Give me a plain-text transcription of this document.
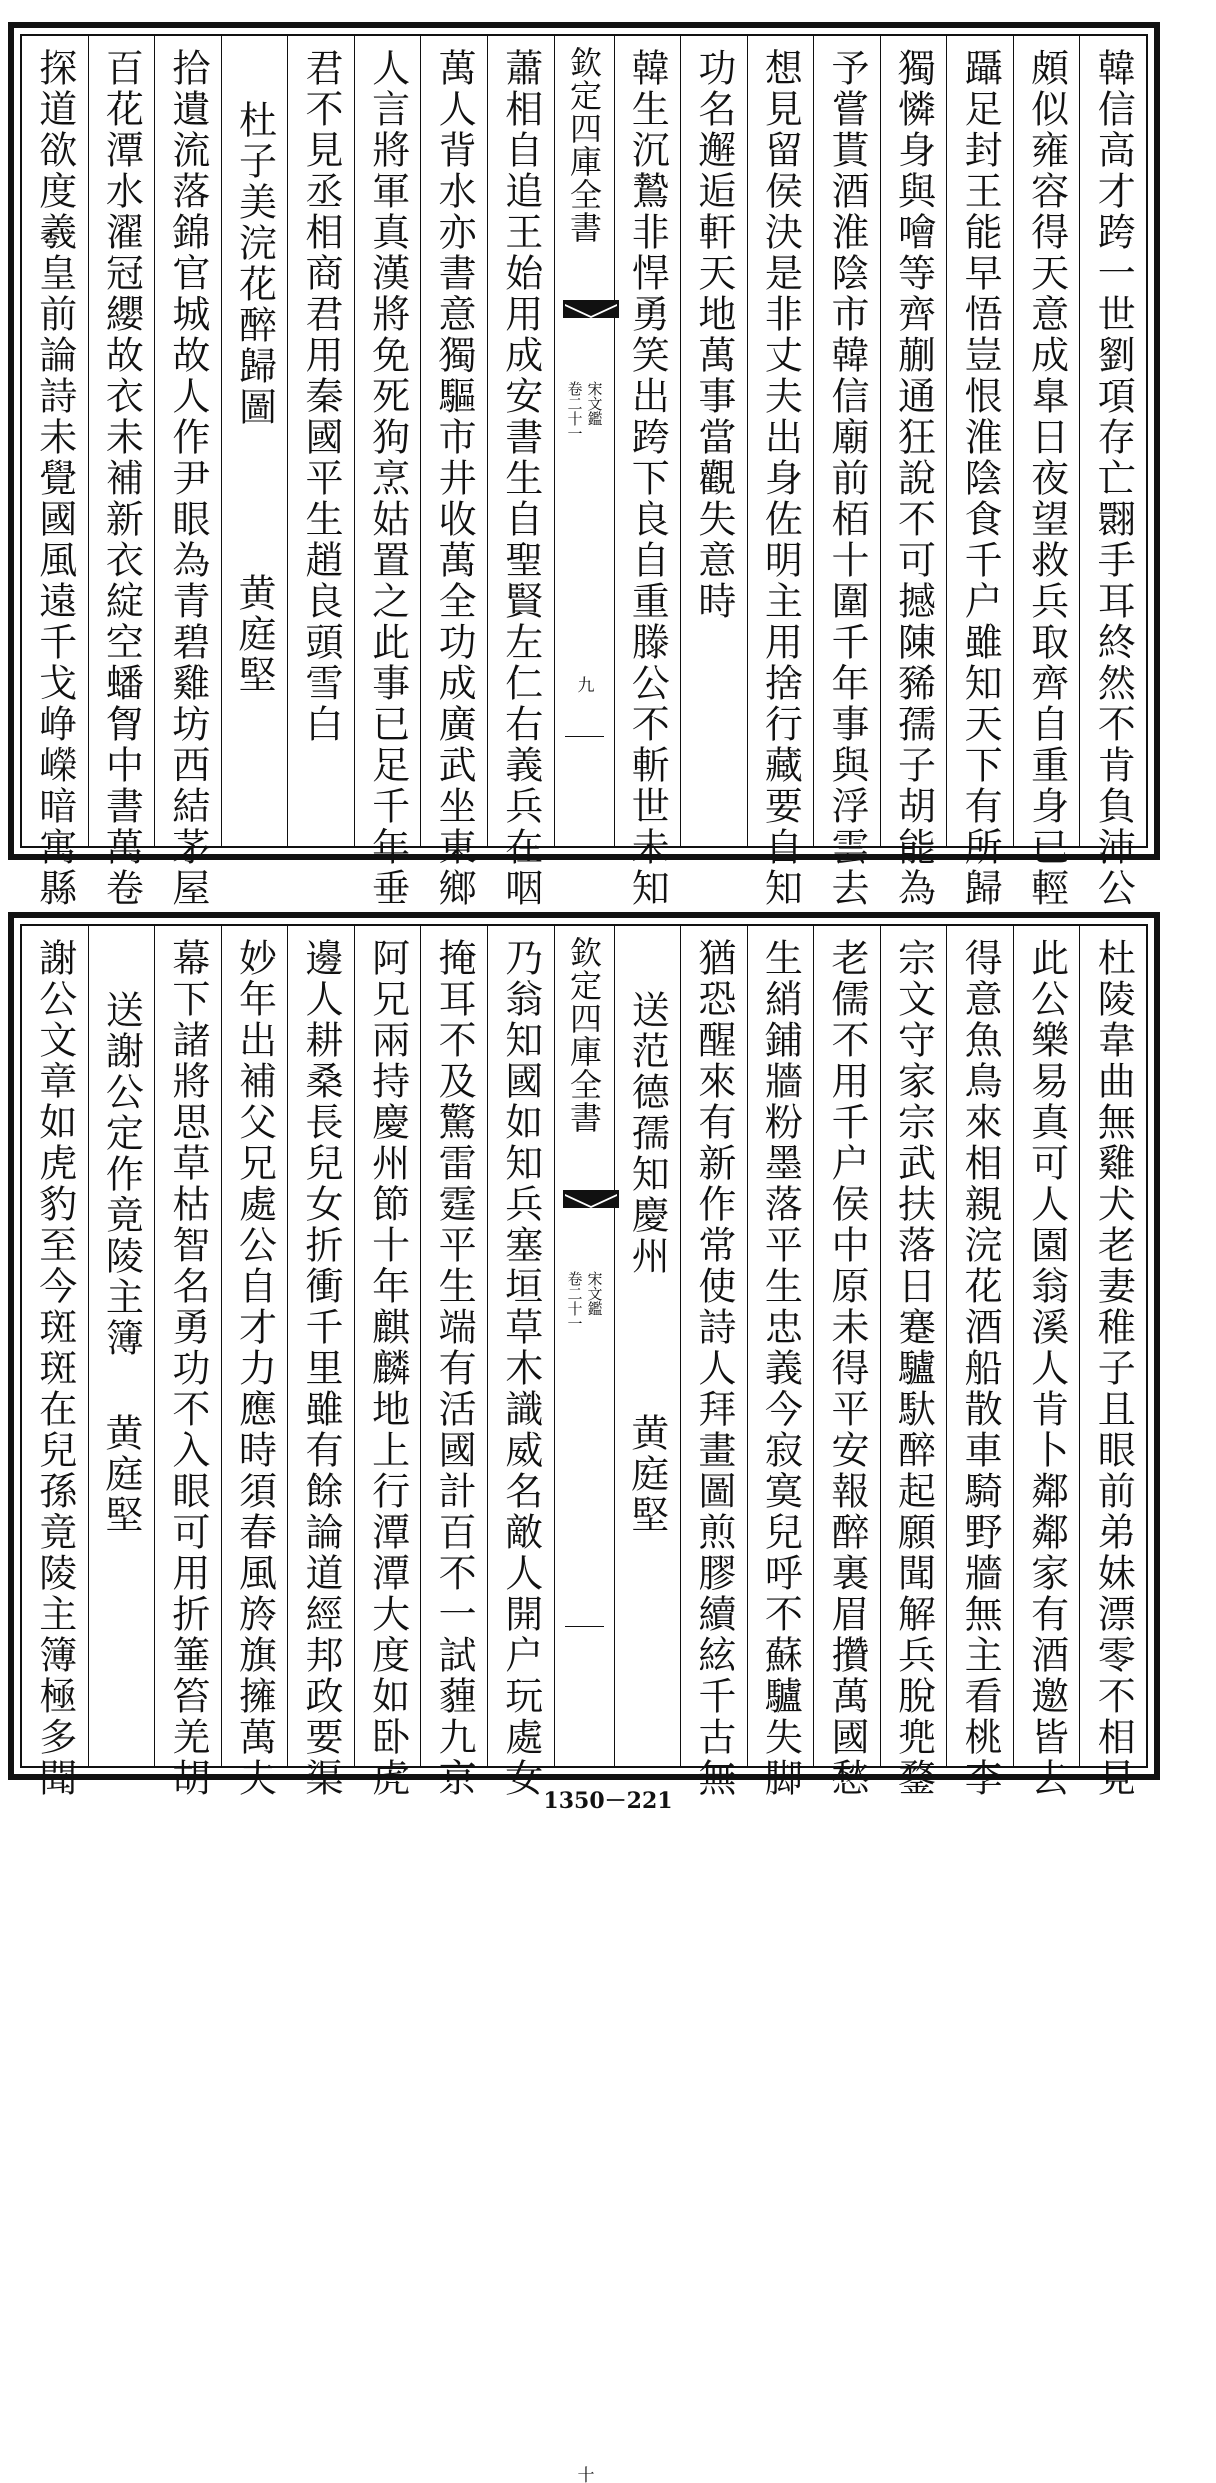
韓信高才跨一世劉項存亡翾手耳終然不肯負沛公
頗似雍容得天意成臯日夜望救兵取齊自重身已輕
躡足封王能早悟豈恨淮陰食千户雖知天下有所歸
獨憐身與噲等齊蒯通狂說不可撼陳豨孺子胡能為
予嘗貰酒淮陰市韓信廟前栢十圍千年事與浮雲去
想見留侯決是非丈夫出身佐明主用捨行藏要自知
功名邂逅軒天地萬事當觀失意時
韓生沉鷙非悍勇笑出跨下良自重滕公不斬世未知
欽定四庫全書
宋文鑑
卷二十一
九
蕭相自追王始用成安書生自聖賢左仁右義兵在咽
萬人背水亦書意獨驅市井收萬全功成廣武坐東鄉
人言將軍真漢將免死狗烹姑置之此事已足千年垂
君不見丞相商君用秦國平生趙良頭雪白
杜子美浣花醉歸圖
黄庭堅
拾遺流落錦官城故人作尹眼為青碧雞坊西結茅屋
百花潭水濯冠纓故衣未補新衣綻空蟠胷中書萬卷
探道欲度羲皇前論詩未覺國風遠千戈峥嶸暗寓縣
杜陵韋曲無雞犬老妻稚子且眼前弟妹漂零不相見
此公樂易真可人園翁溪人肯卜鄰鄰家有酒邀皆去
得意魚鳥來相親浣花酒船散車騎野牆無主看桃李
宗文守家宗武扶落日蹇驢馱醉起願聞解兵脫兠鍪
老儒不用千户侯中原未得平安報醉裏眉攢萬國愁
生綃鋪牆粉墨落平生忠義今寂寞兒呼不蘇驢失脚
猶恐醒來有新作常使詩人拜畫圖煎膠續絃千古無
送范德孺知慶州
黄庭堅
欽定四庫全書
宋文鑑
卷二十一
十
乃翁知國如知兵塞垣草木識威名敵人開户玩處女
掩耳不及驚雷霆平生端有活國計百不一試薶九京
阿兄兩持慶州節十年麒麟地上行潭潭大度如卧虎
邊人耕桑長兒女折衝千里雖有餘論道經邦政要渠
妙年出補父兄處公自才力應時須春風旍旗擁萬夫
幕下諸將思草枯智名勇功不入眼可用折箠笞羌胡
送謝公定作竟陵主簿
黄庭堅
謝公文章如虎豹至今斑斑在兒孫竟陵主簿極多聞
1350－221
